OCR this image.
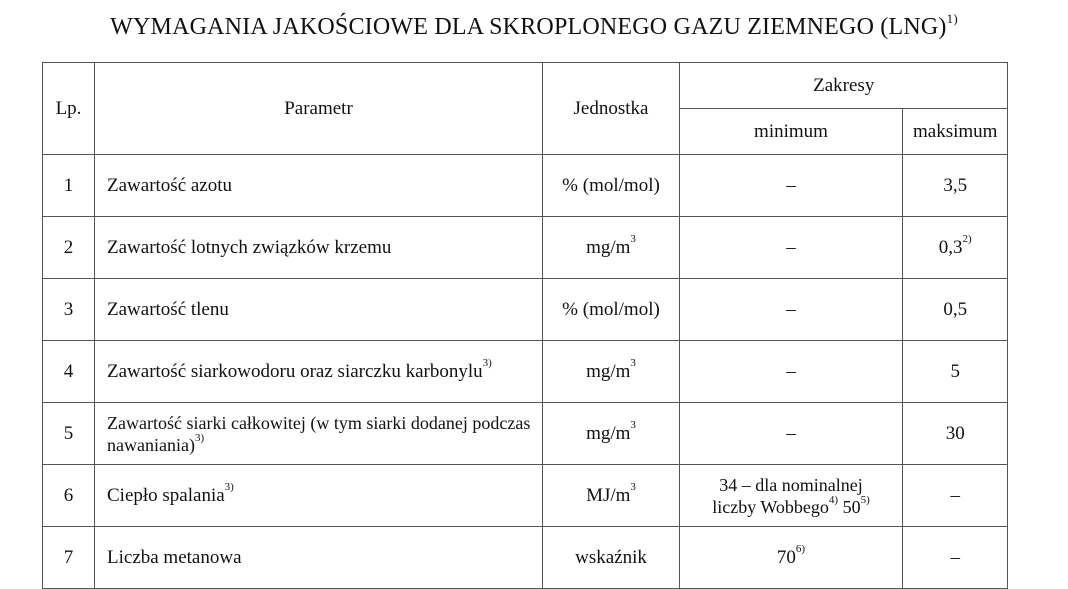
WYMAGANIA JAKOŚCIOWE DLA SKROPLONEGO GAZU ZIEMNEGO (LNG)$^{1)}$
Lp.	Parametr	Jednostka	Zakresy	
			minimum	maksimum
1	Zawartość azotu	% (mol/mol)	–	3,5
2	Zawartość lotnych związków krzemu	$mg/m^3$	–	0,3$^{2)}$
3	Zawartość tlenu	% (mol/mol)	–	0,5
4	Zawartość siarkowodoru oraz siarczku karbonylu$^{3)}$	$mg/m^3$	–	5
5	Zawartość siarki całkowitej (w tym siarki dodanej podczas nawaniania)$^{3)}$	$mg/m^3$	–	30
6	Ciepło spalania$^{3)}$	$MJ/m^3$	34 – dla nominalnej
liczby Wobbego$^{4)}$ 50$^{5)}$	–
7	Liczba metanowa	wskaźnik	70$^{6)}$	–
